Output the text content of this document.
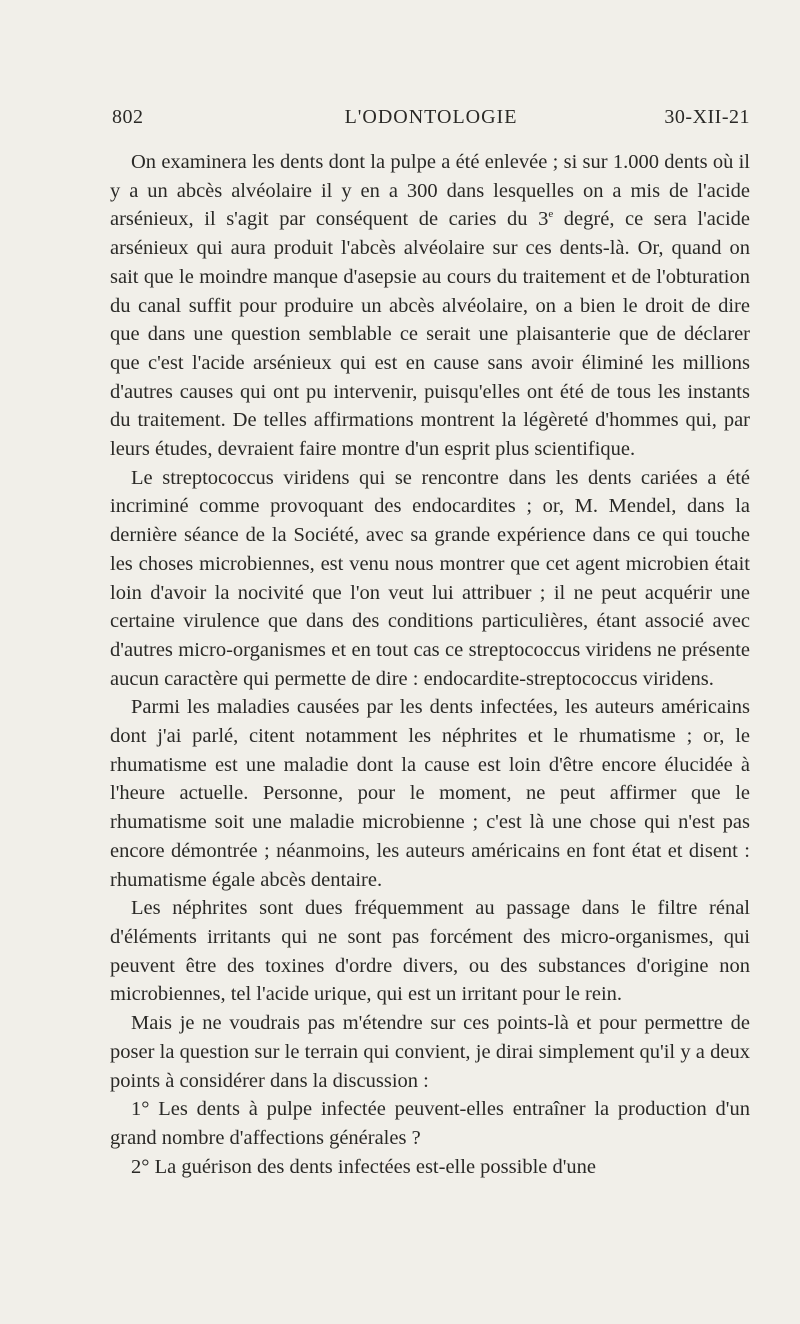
802	L'ODONTOLOGIE	30-XII-21

On examinera les dents dont la pulpe a été enlevée ; si sur 1.000 dents où il y a un abcès alvéolaire il y en a 300 dans lesquelles on a mis de l'acide arsénieux, il s'agit par conséquent de caries du 3e degré, ce sera l'acide arsénieux qui aura produit l'abcès alvéolaire sur ces dents-là. Or, quand on sait que le moindre manque d'asepsie au cours du traitement et de l'obturation du canal suffit pour produire un abcès alvéolaire, on a bien le droit de dire que dans une question semblable ce serait une plaisanterie que de déclarer que c'est l'acide arsénieux qui est en cause sans avoir éliminé les millions d'autres causes qui ont pu intervenir, puisqu'elles ont été de tous les instants du traitement. De telles affirmations montrent la légèreté d'hommes qui, par leurs études, devraient faire montre d'un esprit plus scientifique.

Le streptococcus viridens qui se rencontre dans les dents cariées a été incriminé comme provoquant des endocardites ; or, M. Mendel, dans la dernière séance de la Société, avec sa grande expérience dans ce qui touche les choses microbiennes, est venu nous montrer que cet agent microbien était loin d'avoir la nocivité que l'on veut lui attribuer ; il ne peut acquérir une certaine virulence que dans des conditions particulières, étant associé avec d'autres micro-organismes et en tout cas ce streptococcus viridens ne présente aucun caractère qui permette de dire : endocardite-streptococcus viridens.

Parmi les maladies causées par les dents infectées, les auteurs américains dont j'ai parlé, citent notamment les néphrites et le rhumatisme ; or, le rhumatisme est une maladie dont la cause est loin d'être encore élucidée à l'heure actuelle. Personne, pour le moment, ne peut affirmer que le rhumatisme soit une maladie microbienne ; c'est là une chose qui n'est pas encore démontrée ; néanmoins, les auteurs américains en font état et disent : rhumatisme égale abcès dentaire.

Les néphrites sont dues fréquemment au passage dans le filtre rénal d'éléments irritants qui ne sont pas forcément des micro-organismes, qui peuvent être des toxines d'ordre divers, ou des substances d'origine non microbiennes, tel l'acide urique, qui est un irritant pour le rein.

Mais je ne voudrais pas m'étendre sur ces points-là et pour permettre de poser la question sur le terrain qui convient, je dirai simplement qu'il y a deux points à considérer dans la discussion :

1° Les dents à pulpe infectée peuvent-elles entraîner la production d'un grand nombre d'affections générales ?

2° La guérison des dents infectées est-elle possible d'une
